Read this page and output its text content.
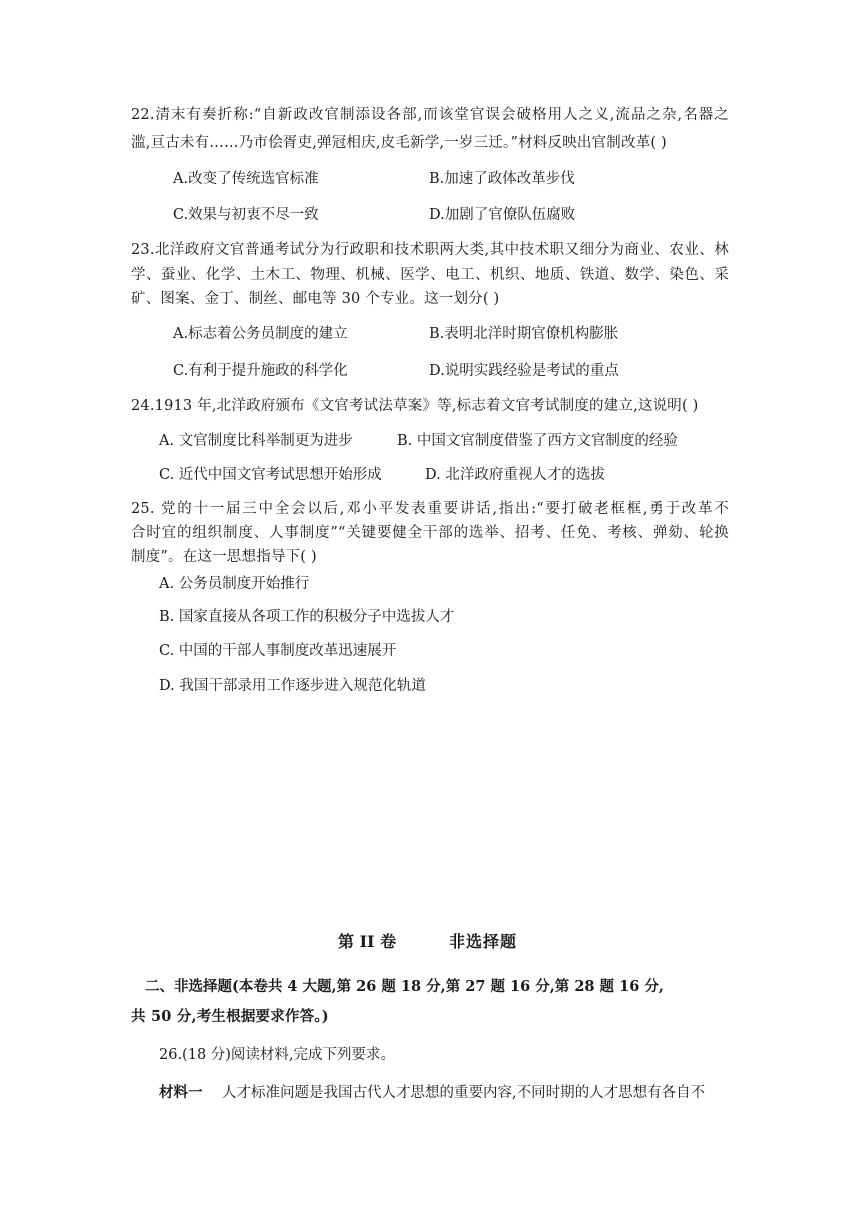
22.清末有奏折称:“自新政改官制添设各部,而该堂官误会破格用人之义,流品之杂,名器之
滥,亘古未有……乃市侩胥吏,弹冠相庆,皮毛新学,一岁三迁。”材料反映出官制改革( )
A.改变了传统选官标准	B.加速了政体改革步伐
C.效果与初衷不尽一致	D.加剧了官僚队伍腐败
23.北洋政府文官普通考试分为行政职和技术职两大类,其中技术职又细分为商业、农业、林
学、蚕业、化学、土木工、物理、机械、医学、电工、机织、地质、铁道、数学、染色、采
矿、图案、金丁、制丝、邮电等 30 个专业。这一划分( )
A.标志着公务员制度的建立	B.表明北洋时期官僚机构膨胀
C.有利于提升施政的科学化	D.说明实践经验是考试的重点
24.1913 年,北洋政府颁布《文官考试法草案》等,标志着文官考试制度的建立,这说明( )
A. 文官制度比科举制更为进步	B. 中国文官制度借鉴了西方文官制度的经验
C. 近代中国文官考试思想开始形成	D. 北洋政府重视人才的选拔
25. 党的十一届三中全会以后,邓小平发表重要讲话,指出:“要打破老框框,勇于改革不
合时宜的组织制度、人事制度”“关键要健全干部的选举、招考、任免、考核、弹劾、轮换
制度”。在这一思想指导下( )
A. 公务员制度开始推行
B. 国家直接从各项工作的积极分子中选拔人才
C. 中国的干部人事制度改革迅速展开
D. 我国干部录用工作逐步进入规范化轨道
第 II 卷	非选择题
二、非选择题(本卷共 4 大题,第 26 题 18 分,第 27 题 16 分,第 28 题 16 分,
共 50 分,考生根据要求作答。)
26.(18 分)阅读材料,完成下列要求。
材料一 人才标准问题是我国古代人才思想的重要内容,不同时期的人才思想有各自不
